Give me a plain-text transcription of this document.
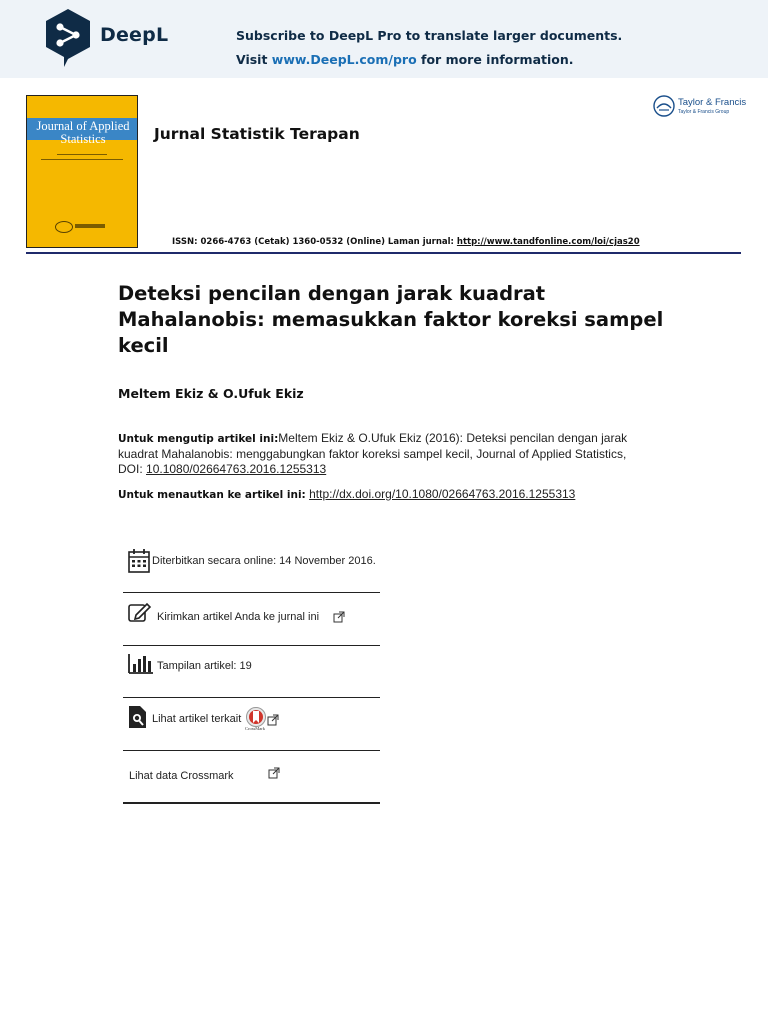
DeepL	Subscribe to DeepL Pro to translate larger documents.
Visit www.DeepL.com/pro for more information.
Journal of Applied Statistics	Jurnal Statistik Terapan
Taylor & Francis
Taylor & Francis Group
ISSN: 0266-4763 (Cetak) 1360-0532 (Online) Laman jurnal: http://www.tandfonline.com/loi/cjas20
Deteksi pencilan dengan jarak kuadrat Mahalanobis: memasukkan faktor koreksi sampel kecil
Meltem Ekiz & O.Ufuk Ekiz
Untuk mengutip artikel ini:Meltem Ekiz & O.Ufuk Ekiz (2016): Deteksi pencilan dengan jarak kuadrat Mahalanobis: menggabungkan faktor koreksi sampel kecil, Journal of Applied Statistics, DOI: 10.1080/02664763.2016.1255313
Untuk menautkan ke artikel ini: http://dx.doi.org/10.1080/02664763.2016.1255313
Diterbitkan secara online: 14 November 2016.
Kirimkan artikel Anda ke jurnal ini
Tampilan artikel: 19
Lihat artikel terkait
CrossMark
Lihat data Crossmark
